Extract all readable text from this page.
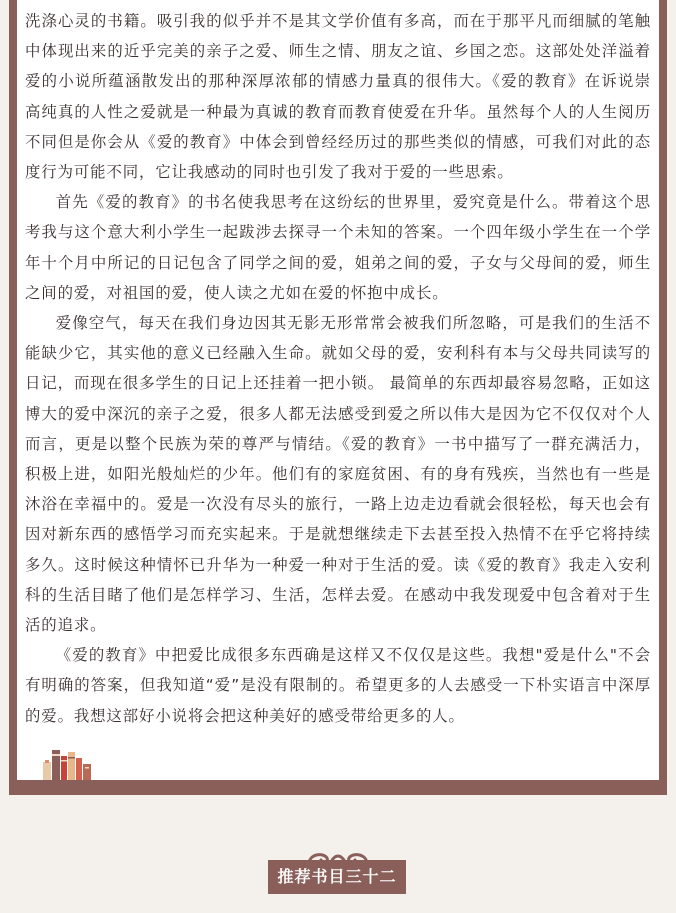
洗涤心灵的书籍。吸引我的似乎并不是其文学价值有多高，而在于那平凡而细腻的笔触中体现出来的近乎完美的亲子之爱、师生之情、朋友之谊、乡国之恋。这部处处洋溢着爱的小说所蕴涵散发出的那种深厚浓郁的情感力量真的很伟大。《爱的教育》在诉说崇高纯真的人性之爱就是一种最为真诚的教育而教育使爱在升华。虽然每个人的人生阅历不同但是你会从《爱的教育》中体会到曾经经历过的那些类似的情感，可我们对此的态度行为可能不同，它让我感动的同时也引发了我对于爱的一些思索。

首先《爱的教育》的书名使我思考在这纷纭的世界里，爱究竟是什么。带着这个思考我与这个意大利小学生一起跋涉去探寻一个未知的答案。一个四年级小学生在一个学年十个月中所记的日记包含了同学之间的爱，姐弟之间的爱，子女与父母间的爱，师生之间的爱，对祖国的爱，使人读之尤如在爱的怀抱中成长。

爱像空气，每天在我们身边因其无影无形常常会被我们所忽略，可是我们的生活不能缺少它，其实他的意义已经融入生命。就如父母的爱，安利科有本与父母共同读写的日记，而现在很多学生的日记上还挂着一把小锁。 最简单的东西却最容易忽略，正如这博大的爱中深沉的亲子之爱，很多人都无法感受到爱之所以伟大是因为它不仅仅对个人而言，更是以整个民族为荣的尊严与情结。《爱的教育》一书中描写了一群充满活力，积极上进，如阳光般灿烂的少年。他们有的家庭贫困、有的身有残疾，当然也有一些是沐浴在幸福中的。爱是一次没有尽头的旅行，一路上边走边看就会很轻松，每天也会有因对新东西的感悟学习而充实起来。于是就想继续走下去甚至投入热情不在乎它将持续多久。这时候这种情怀已升华为一种爱一种对于生活的爱。读《爱的教育》我走入安利科的生活目睹了他们是怎样学习、生活，怎样去爱。在感动中我发现爱中包含着对于生活的追求。

《爱的教育》中把爱比成很多东西确是这样又不仅仅是这些。我想"爱是什么"不会有明确的答案，但我知道“爱”是没有限制的。希望更多的人去感受一下朴实语言中深厚的爱。我想这部好小说将会把这种美好的感受带给更多的人。

推荐书目三十二
